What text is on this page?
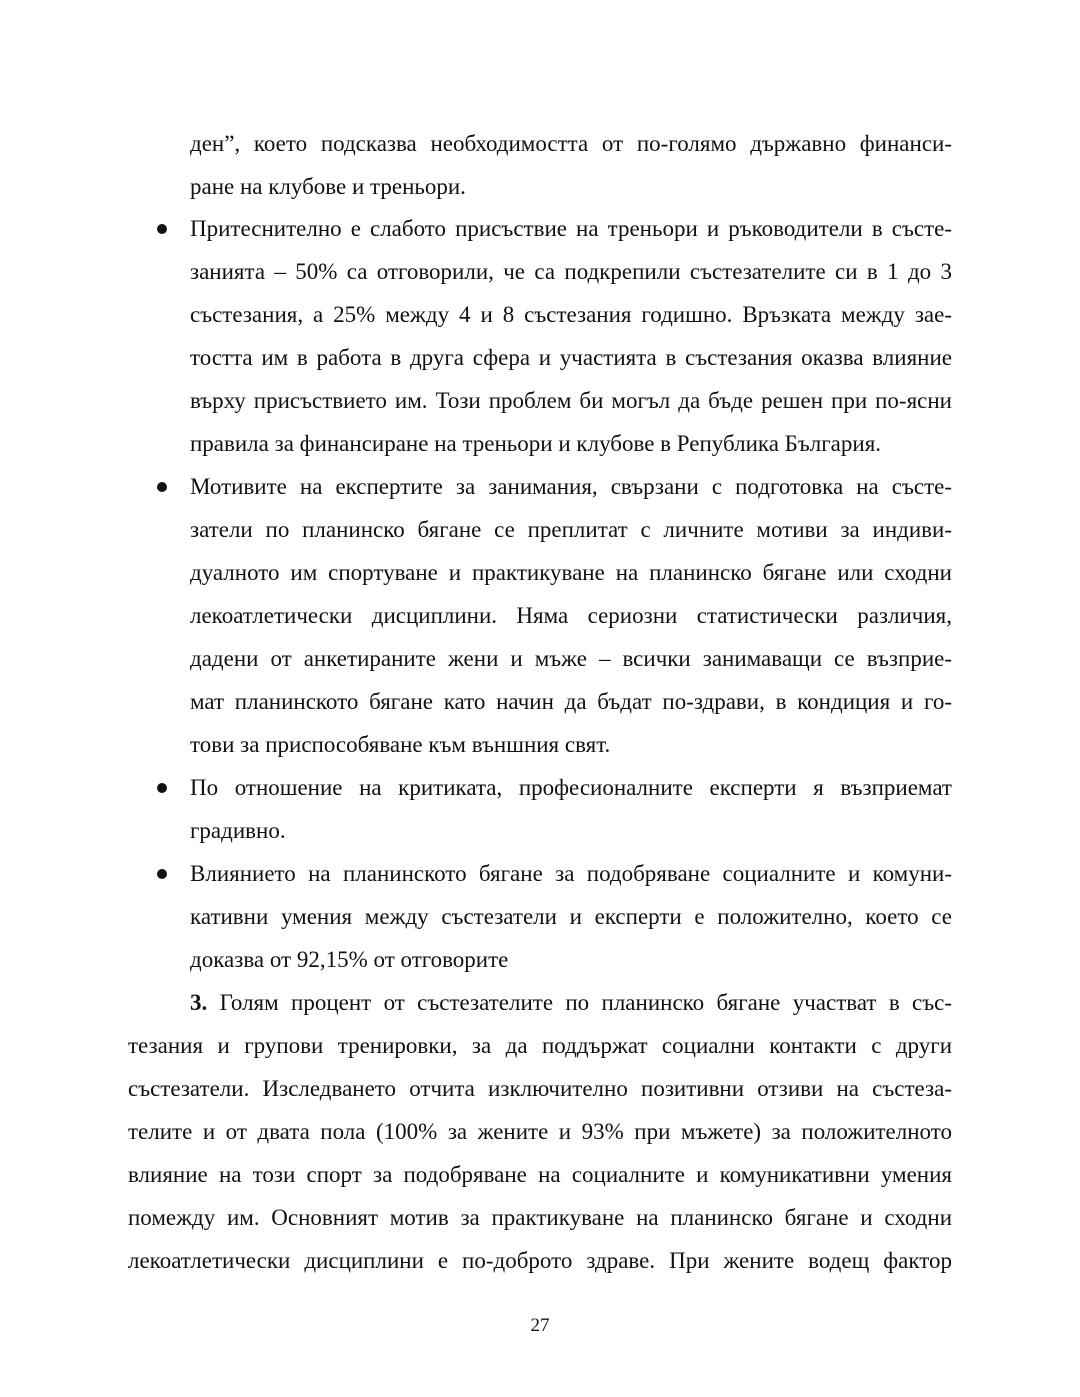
ден”, което подсказва необходимостта от по-голямо държавно финанси-
ране на клубове и треньори.
Притеснително е слабото присъствие на треньори и ръководители в състе-
занията – 50% са отговорили, че са подкрепили състезателите си в 1 до 3
състезания, а 25% между 4 и 8 състезания годишно. Връзката между зае-
тостта им в работа в друга сфера и участията в състезания оказва влияние
върху присъствието им. Този проблем би могъл да бъде решен при по-ясни
правила за финансиране на треньори и клубове в Република България.
Мотивите на експертите за занимания, свързани с подготовка на състе-
затели по планинско бягане се преплитат с личните мотиви за индиви-
дуалното им спортуване и практикуване на планинско бягане или сходни
лекоатлетически дисциплини. Няма сериозни статистически различия,
дадени от анкетираните жени и мъже – всички занимаващи се възприе-
мат планинското бягане като начин да бъдат по-здрави, в кондиция и го-
тови за приспособяване към външния свят.
По отношение на критиката, професионалните експерти я възприемат
градивно.
Влиянието на планинското бягане за подобряване социалните и комуни-
кативни умения между състезатели и експерти е положително, което се
доказва от 92,15% от отговорите
3. Голям процент от състезателите по планинско бягане участват в със-
тезания и групови тренировки, за да поддържат социални контакти с други
състезатели. Изследването отчита изключително позитивни отзиви на състеза-
телите и от двата пола (100% за жените и 93% при мъжете) за положителното
влияние на този спорт за подобряване на социалните и комуникативни умения
помежду им. Основният мотив за практикуване на планинско бягане и сходни
лекоатлетически дисциплини е по-доброто здраве. При жените водещ фактор
27
